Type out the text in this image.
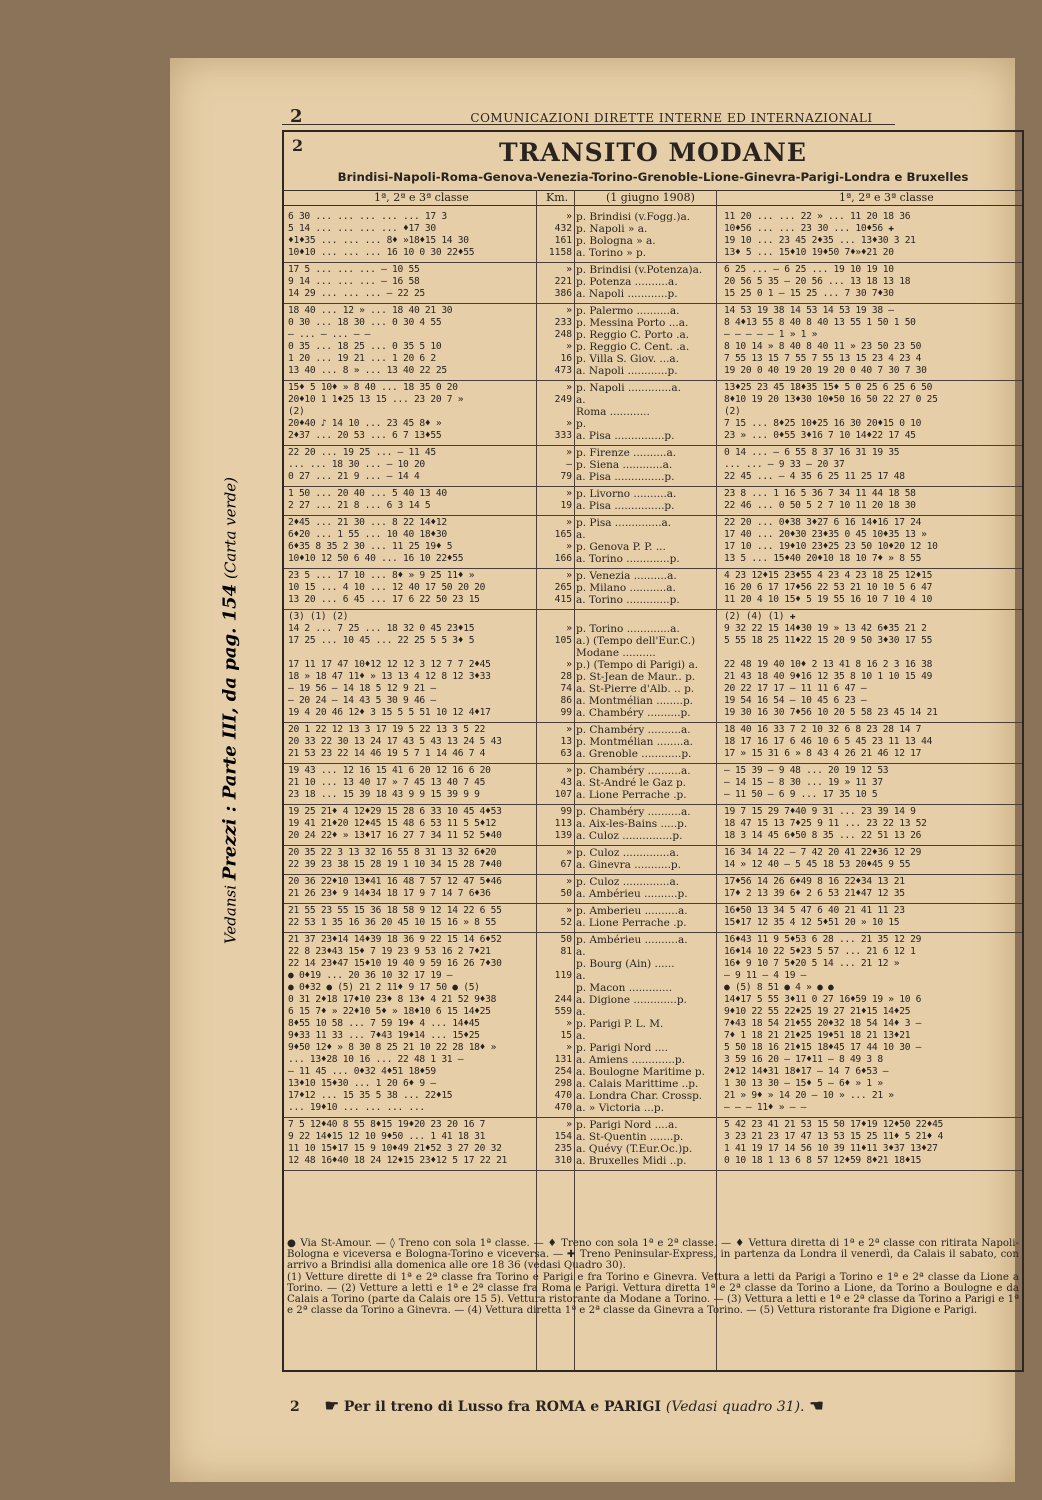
2	COMUNICAZIONI DIRETTE INTERNE ED INTERNAZIONALI
2	TRANSITO MODANE
Brindisi-Napoli-Roma-Genova-Venezia-Torino-Grenoble-Lione-Ginevra-Parigi-Londra e Bruxelles
1ª, 2ª e 3ª classe	Km.	(1 giugno 1908)	1ª, 2ª e 3ª classe
6 30 ... ... ... ... ... 17 3	» p. Brindisi (v.Fogg.)a.	11 20 ... ... 22 » ... 11 20 18 36
5 14 ... ... ... ... ♦17 30	432 p. Napoli » a.	10♦56 ... ... 23 30 ... 10♦56 ✚
♦1♦35 ... ... ... 8♦ »18♦15 14 30	161 p. Bologna » a.	19 10 ... 23 45 2♦35 ... 13♦30 3 21
10♦10 ... ... ... 16 10 0 30 22♦55	1158 a. Torino » p.	13♦ 5 ... 15♦10 19♦50 7♦»♦21 20
17 5 ... ... ... — 10 55	» p. Brindisi (v.Potenza)a.	6 25 ... — 6 25 ... 19 10 19 10
9 14 ... ... ... — 16 58	221 p. Potenza ..........a.	20 56 5 35 — 20 56 ... 13 18 13 18
14 29 ... ... ... — 22 25	386 a. Napoli ............p.	15 25 0 1 — 15 25 ... 7 30 7♦30
18 40 ... 12 » ... 18 40 21 30	» p. Palermo ..........a.	14 53 19 38 14 53 14 53 19 38 —
0 30 ... 18 30 ... 0 30 4 55	233 p. Messina Porto ...a.	8 4♦13 55 8 40 8 40 13 55 1 50 1 50
— ... — ... — —	248 p. Reggio C. Porto .a.	— — — — — 1 » 1 »
0 35 ... 18 25 ... 0 35 5 10	» p. Reggio C. Cent. .a.	8 10 14 » 8 40 8 40 11 » 23 50 23 50
1 20 ... 19 21 ... 1 20 6 2	16 p. Villa S. Giov. ...a.	7 55 13 15 7 55 7 55 13 15 23 4 23 4
13 40 ... 8 » ... 13 40 22 25	473 a. Napoli ............p.	19 20 0 40 19 20 19 20 0 40 7 30 7 30
15♦ 5 10♦ » 8 40 ... 18 35 0 20	» p. Napoli .............a.	13♦25 23 45 18♦35 15♦ 5 0 25 6 25 6 50
20♦10 1 1♦25 13 15 ... 23 20 7 »	249 a.	8♦10 19 20 13♦30 10♦50 16 50 22 27 0 25
(2)	Roma ............	(2)
20♦40 ♪ 14 10 ... 23 45 8♦ »	» p.	7 15 ... 8♦25 10♦25 16 30 20♦15 0 10
2♦37 ... 20 53 ... 6 7 13♦55	333 a. Pisa ...............p.	23 » ... 0♦55 3♦16 7 10 14♦22 17 45
22 20 ... 19 25 ... — 11 45	» p. Firenze ..........a.	0 14 ... — 6 55 8 37 16 31 19 35
... ... 18 30 ... — 10 20	— p. Siena ............a.	... ... — 9 33 — 20 37
0 27 ... 21 9 ... — 14 4	79 a. Pisa ...............p.	22 45 ... — 4 35 6 25 11 25 17 48
1 50 ... 20 40 ... 5 40 13 40	» p. Livorno ..........a.	23 8 ... 1 16 5 36 7 34 11 44 18 58
2 27 ... 21 8 ... 6 3 14 5	19 a. Pisa ...............p.	22 46 ... 0 50 5 2 7 10 11 20 18 30
2♦45 ... 21 30 ... 8 22 14♦12	» p. Pisa ..............a.	22 20 ... 0♦38 3♦27 6 16 14♦16 17 24
6♦20 ... 1 55 ... 10 40 18♦30	165 a.	17 40 ... 20♦30 23♦35 0 45 10♦35 13 »
6♦35 8 35 2 30 ... 11 25 19♦ 5	» p. Genova P. P. ...	17 10 ... 19♦10 23♦25 23 50 10♦20 12 10
10♦10 12 50 6 40 ... 16 10 22♦55	166 a. Torino .............p.	13 5 ... 15♦40 20♦10 18 10 7♦ » 8 55
23 5 ... 17 10 ... 8♦ » 9 25 11♦ »	» p. Venezia ..........a.	4 23 12♦15 23♦55 4 23 4 23 18 25 12♦15
10 15 ... 4 10 ... 12 40 17 50 20 20	265 p. Milano ...........a.	16 20 6 17 17♦56 22 53 21 10 10 5 6 47
13 20 ... 6 45 ... 17 6 22 50 23 15	415 a. Torino .............p.	11 20 4 10 15♦ 5 19 55 16 10 7 10 4 10
(3) (1) (2)	(2) (4) (1) ✚
14 2 ... 7 25 ... 18 32 0 45 23♦15	» p. Torino .............a.	9 32 22 15 14♦30 19 » 13 42 6♦35 21 2
17 25 ... 10 45 ... 22 25 5 5 3♦ 5	105 a.) (Tempo dell'Eur.C.)	5 55 18 25 11♦22 15 20 9 50 3♦30 17 55
Modane ..........
17 11 17 47 10♦12 12 12 3 12 7 7 2♦45	» p.) (Tempo di Parigi) a.	22 48 19 40 10♦ 2 13 41 8 16 2 3 16 38
18 » 18 47 11♦ » 13 13 4 12 8 12 3♦33	28 p. St-Jean de Maur.. p.	21 43 18 40 9♦16 12 35 8 10 1 10 15 49
— 19 56 — 14 18 5 12 9 21 —	74 a. St-Pierre d'Alb. .. p.	20 22 17 17 — 11 11 6 47 —
— 20 24 — 14 43 5 30 9 46 —	86 a. Montmélian ........p.	19 54 16 54 — 10 45 6 23 —
19 4 20 46 12♦ 3 15 5 5 51 10 12 4♦17	99 a. Chambéry ..........p.	19 30 16 30 7♦56 10 20 5 58 23 45 14 21
20 1 22 12 13 3 17 19 5 22 13 3 5 22	» p. Chambéry ..........a.	18 40 16 33 7 2 10 32 6 8 23 28 14 7
20 33 22 30 13 24 17 43 5 43 13 24 5 43	13 p. Montmélian ........a.	18 17 16 17 6 46 10 6 5 45 23 11 13 44
21 53 23 22 14 46 19 5 7 1 14 46 7 4	63 a. Grenoble ............p.	17 » 15 31 6 » 8 43 4 26 21 46 12 17
19 43 ... 12 16 15 41 6 20 12 16 6 20	» p. Chambéry ..........a.	— 15 39 — 9 48 ... 20 19 12 53
21 10 ... 13 40 17 » 7 45 13 40 7 45	43 a. St-André le Gaz p.	— 14 15 — 8 30 ... 19 » 11 37
23 18 ... 15 39 18 43 9 9 15 39 9 9	107 a. Lione Perrache .p.	— 11 50 — 6 9 ... 17 35 10 5
19 25 21♦ 4 12♦29 15 28 6 33 10 45 4♦53	99 p. Chambéry ..........a.	19 7 15 29 7♦40 9 31 ... 23 39 14 9
19 41 21♦20 12♦45 15 48 6 53 11 5 5♦12	113 a. Aix-les-Bains .....p.	18 47 15 13 7♦25 9 11 ... 23 22 13 52
20 24 22♦ » 13♦17 16 27 7 34 11 52 5♦40	139 a. Culoz ...............p.	18 3 14 45 6♦50 8 35 ... 22 51 13 26
20 35 22 3 13 32 16 55 8 31 13 32 6♦20	» p. Culoz ..............a.	16 34 14 22 — 7 42 20 41 22♦36 12 29
22 39 23 38 15 28 19 1 10 34 15 28 7♦40	67 a. Ginevra ...........p.	14 » 12 40 — 5 45 18 53 20♦45 9 55
20 36 22♦10 13♦41 16 48 7 57 12 47 5♦46	» p. Culoz ..............a.	17♦56 14 26 6♦49 8 16 22♦34 13 21
21 26 23♦ 9 14♦34 18 17 9 7 14 7 6♦36	50 a. Ambérieu ..........p.	17♦ 2 13 39 6♦ 2 6 53 21♦47 12 35
21 55 23 55 15 36 18 58 9 12 14 22 6 55	» p. Amberieu ..........a.	16♦50 13 34 5 47 6 40 21 41 11 23
22 53 1 35 16 36 20 45 10 15 16 » 8 55	52 a. Lione Perrache .p.	15♦17 12 35 4 12 5♦51 20 » 10 15
21 37 23♦14 14♦39 18 36 9 22 15 14 6♦52	50 p. Ambérieu ..........a.	16♦43 11 9 5♦53 6 28 ... 21 35 12 29
22 8 23♦43 15♦ 7 19 23 9 53 16 2 7♦21	81 a.	16♦14 10 22 5♦23 5 57 ... 21 6 12 1
22 14 23♦47 15♦10 19 40 9 59 16 26 7♦30	p. Bourg (Ain) ......	16♦ 9 10 7 5♦20 5 14 ... 21 12 »
● 0♦19 ... 20 36 10 32 17 19 —	119 a.	— 9 11 — 4 19 —
● 0♦32 ● (5) 21 2 11♦ 9 17 50 ● (5)	p. Macon .............	● (5) 8 51 ● 4 » ● ●
0 31 2♦18 17♦10 23♦ 8 13♦ 4 21 52 9♦38	244 a. Digione .............p.	14♦17 5 55 3♦11 0 27 16♦59 19 » 10 6
6 15 7♦ » 22♦10 5♦ » 18♦10 6 15 14♦25	559 a.	9♦10 22 55 22♦25 19 27 21♦15 14♦25
8♦55 10 58 ... 7 59 19♦ 4 ... 14♦45	» p. Parigi P. L. M.	7♦43 18 54 21♦55 20♦32 18 54 14♦ 3 —
9♦33 11 33 ... 7♦43 19♦14 ... 15♦25	15 a.	7♦ 1 18 21 21♦25 19♦51 18 21 13♦21
9♦50 12♦ » 8 30 8 25 21 10 22 28 18♦ »	» p. Parigi Nord ....	5 50 18 16 21♦15 18♦45 17 44 10 30 —
... 13♦28 10 16 ... 22 48 1 31 —	131 a. Amiens .............p.	3 59 16 20 — 17♦11 — 8 49 3 8
— 11 45 ... 0♦32 4♦51 18♦59	254 a. Boulogne Maritime p.	2♦12 14♦31 18♦17 — 14 7 6♦53 —
13♦10 15♦30 ... 1 20 6♦ 9 —	298 a. Calais Marittime ..p.	1 30 13 30 — 15♦ 5 — 6♦ » 1 »
17♦12 ... 15 35 5 38 ... 22♦15	470 a. Londra Char. Crossp.	21 » 9♦ » 14 20 — 10 » ... 21 »
... 19♦10 ... ... ... ...	470 a. » Victoria ...p.	— — — 11♦ » — —
7 5 12♦40 8 55 8♦15 19♦20 23 20 16 7	» p. Parigi Nord ....a.	5 42 23 41 21 53 15 50 17♦19 12♦50 22♦45
9 22 14♦15 12 10 9♦50 ... 1 41 18 31	154 a. St-Quentin .......p.	3 23 21 23 17 47 13 53 15 25 11♦ 5 21♦ 4
11 10 15♦17 15 9 10♦49 21♦52 3 27 20 32	235 a. Quévy (T.Eur.Oc.)p.	1 41 19 17 14 56 10 39 11♦11 3♦37 13♦27
12 48 16♦40 18 24 12♦15 23♦12 5 17 22 21	310 a. Bruxelles Midi ..p.	0 10 18 1 13 6 8 57 12♦59 8♦21 18♦15
● Via St-Amour. — ◊ Treno con sola 1ª classe. — ♦ Treno con sola 1ª e 2ª classe. — ♦ Vettura diretta di 1ª e 2ª classe con ritirata Napoli-Bologna e viceversa e Bologna-Torino e viceversa. — ✚ Treno Peninsular-Express, in partenza da Londra il venerdì, da Calais il sabato, con arrivo a Brindisi alla domenica alle ore 18 36 (vedasi Quadro 30).
(1) Vetture dirette di 1ª e 2ª classe fra Torino e Parigi e fra Torino e Ginevra. Vettura a letti da Parigi a Torino e 1ª e 2ª classe da Lione a Torino. — (2) Vetture a letti e 1ª e 2ª classe fra Roma e Parigi. Vettura diretta 1ª e 2ª classe da Torino a Lione, da Torino a Boulogne e da Calais a Torino (parte da Calais ore 15 5). Vettura ristorante da Modane a Torino. — (3) Vettura a letti e 1ª e 2ª classe da Torino a Parigi e 1ª e 2ª classe da Torino a Ginevra. — (4) Vettura diretta 1ª e 2ª classe da Ginevra a Torino. — (5) Vettura ristorante fra Digione e Parigi.
2 ☛ Per il treno di Lusso fra ROMA e PARIGI (Vedasi quadro 31). ☚
Vedansi Prezzi : Parte III, da pag. 154 (Carta verde)
